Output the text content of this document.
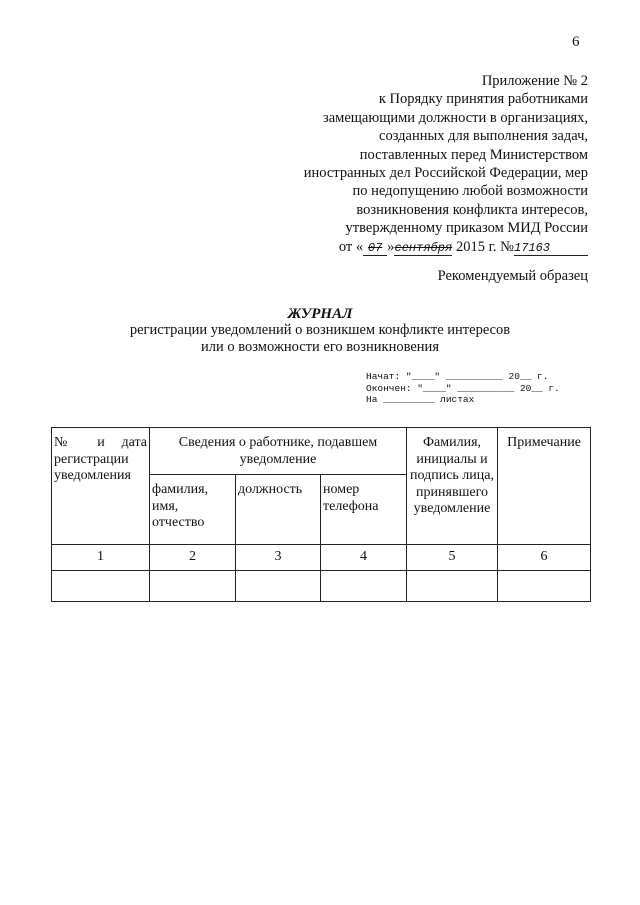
6
Приложение № 2
к Порядку принятия работниками
замещающими должности в организациях,
созданных для выполнения задач,
поставленных перед Министерством
иностранных дел Российской Федерации, мер
по недопущению любой возможности
возникновения конфликта интересов,
утвержденному приказом МИД России
от « 07 »сентября 2015 г. №17163
Рекомендуемый образец
ЖУРНАЛ
регистрации уведомлений о возникшем конфликте интересов
или о возможности его возникновения
Начат: "____" __________ 20__ г.
Окончен: "____" __________ 20__ г.
На _________ листах
№ и дата
регистрации
уведомления	Сведения о работнике, подавшем уведомление			Фамилия, инициалы и подпись лица, принявшего уведомление	Примечание
	фамилия, имя, отчество	должность	номер телефона		
1	2	3	4	5	6
